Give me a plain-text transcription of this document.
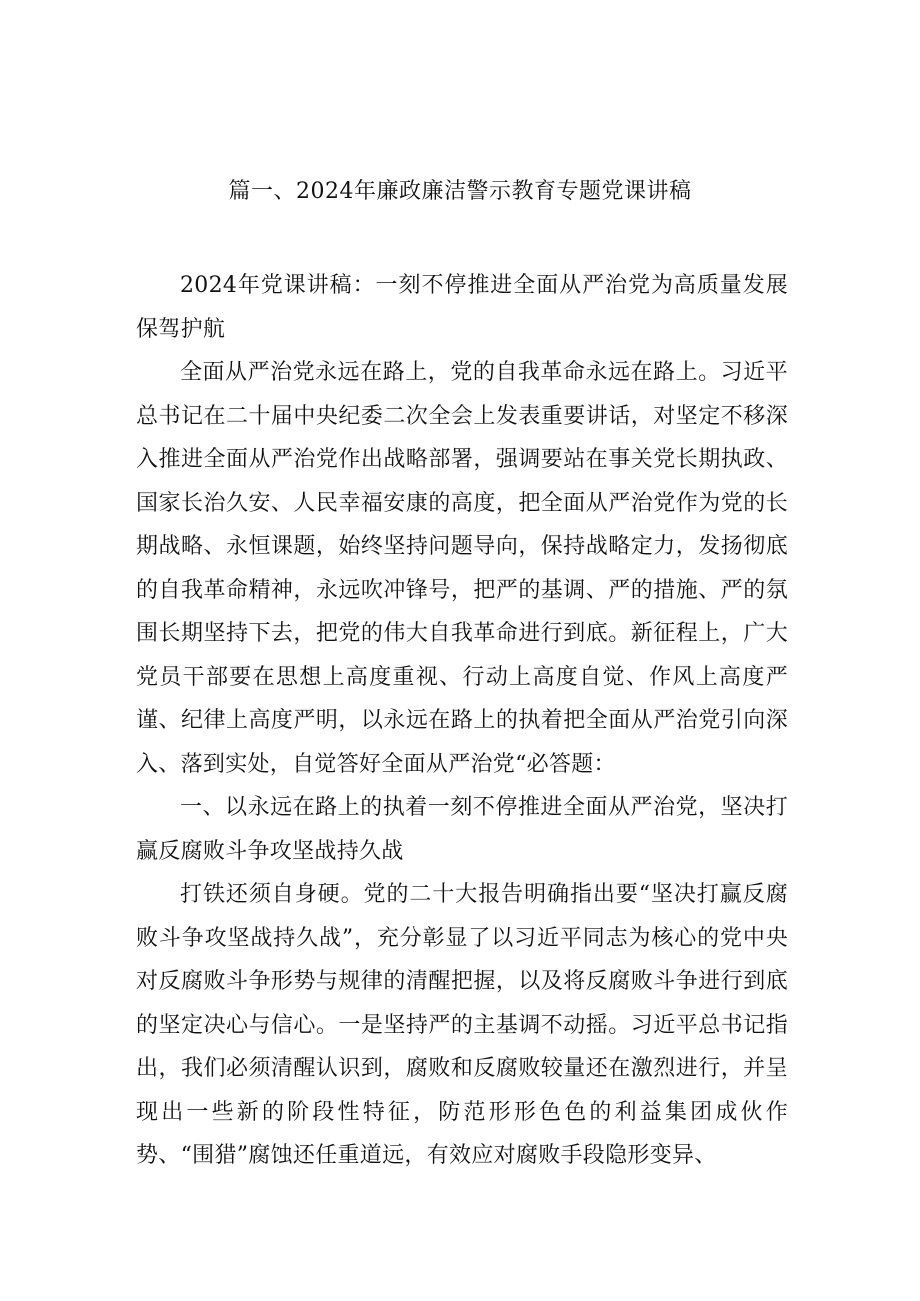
篇一、2024年廉政廉洁警示教育专题党课讲稿

2024年党课讲稿：一刻不停推进全面从严治党为高质量发展保驾护航

全面从严治党永远在路上，党的自我革命永远在路上。习近平总书记在二十届中央纪委二次全会上发表重要讲话，对坚定不移深入推进全面从严治党作出战略部署，强调要站在事关党长期执政、国家长治久安、人民幸福安康的高度，把全面从严治党作为党的长期战略、永恒课题，始终坚持问题导向，保持战略定力，发扬彻底的自我革命精神，永远吹冲锋号，把严的基调、严的措施、严的氛围长期坚持下去，把党的伟大自我革命进行到底。新征程上，广大党员干部要在思想上高度重视、行动上高度自觉、作风上高度严谨、纪律上高度严明，以永远在路上的执着把全面从严治党引向深入、落到实处，自觉答好全面从严治党“必答题：

一、以永远在路上的执着一刻不停推进全面从严治党，坚决打赢反腐败斗争攻坚战持久战

打铁还须自身硬。党的二十大报告明确指出要“坚决打赢反腐败斗争攻坚战持久战”，充分彰显了以习近平同志为核心的党中央对反腐败斗争形势与规律的清醒把握，以及将反腐败斗争进行到底的坚定决心与信心。一是坚持严的主基调不动摇。习近平总书记指出，我们必须清醒认识到，腐败和反腐败较量还在激烈进行，并呈现出一些新的阶段性特征，防范形形色色的利益集团成伙作势、“围猎”腐蚀还任重道远，有效应对腐败手段隐形变异、
